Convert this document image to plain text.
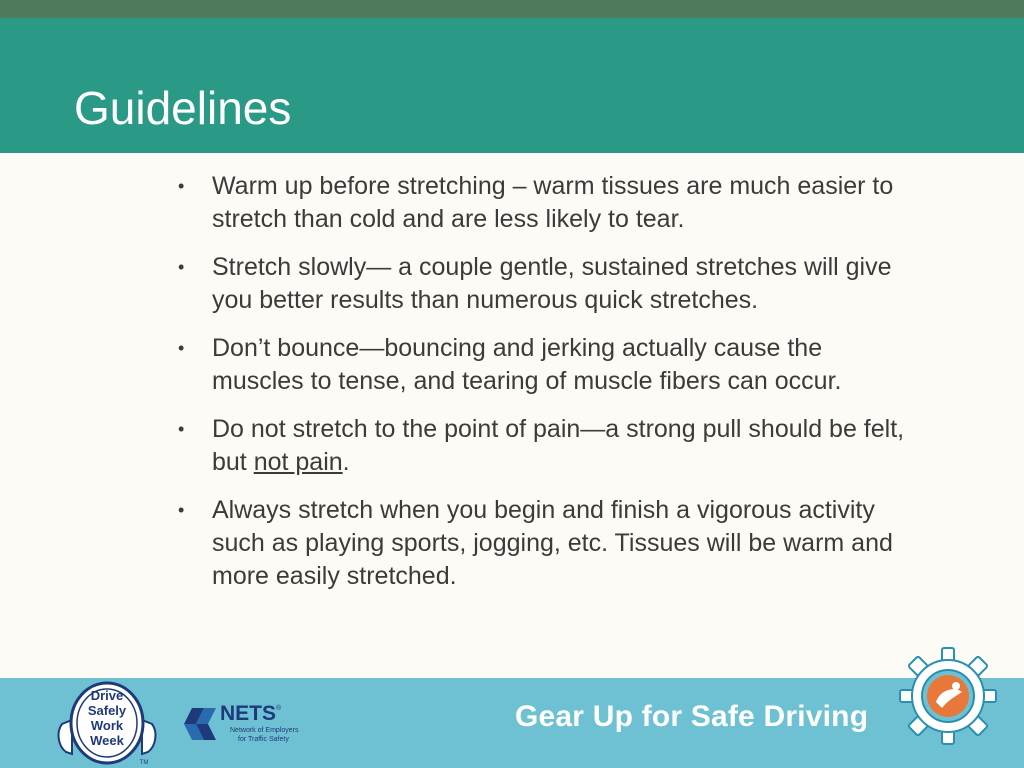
Guidelines
• Warm up before stretching – warm tissues are much easier to stretch than cold and are less likely to tear.
• Stretch slowly— a couple gentle, sustained stretches will give you better results than numerous quick stretches.
• Don’t bounce—bouncing and jerking actually cause the muscles to tense, and tearing of muscle fibers can occur.
• Do not stretch to the point of pain—a strong pull should be felt, but not pain.
• Always stretch when you begin and finish a vigorous activity such as playing sports, jogging, etc. Tissues will be warm and more easily stretched.
Drive
Safely
Work
Week
TM
NETS ®
Network of Employers
for Traffic Safety
Gear Up for Safe Driving
